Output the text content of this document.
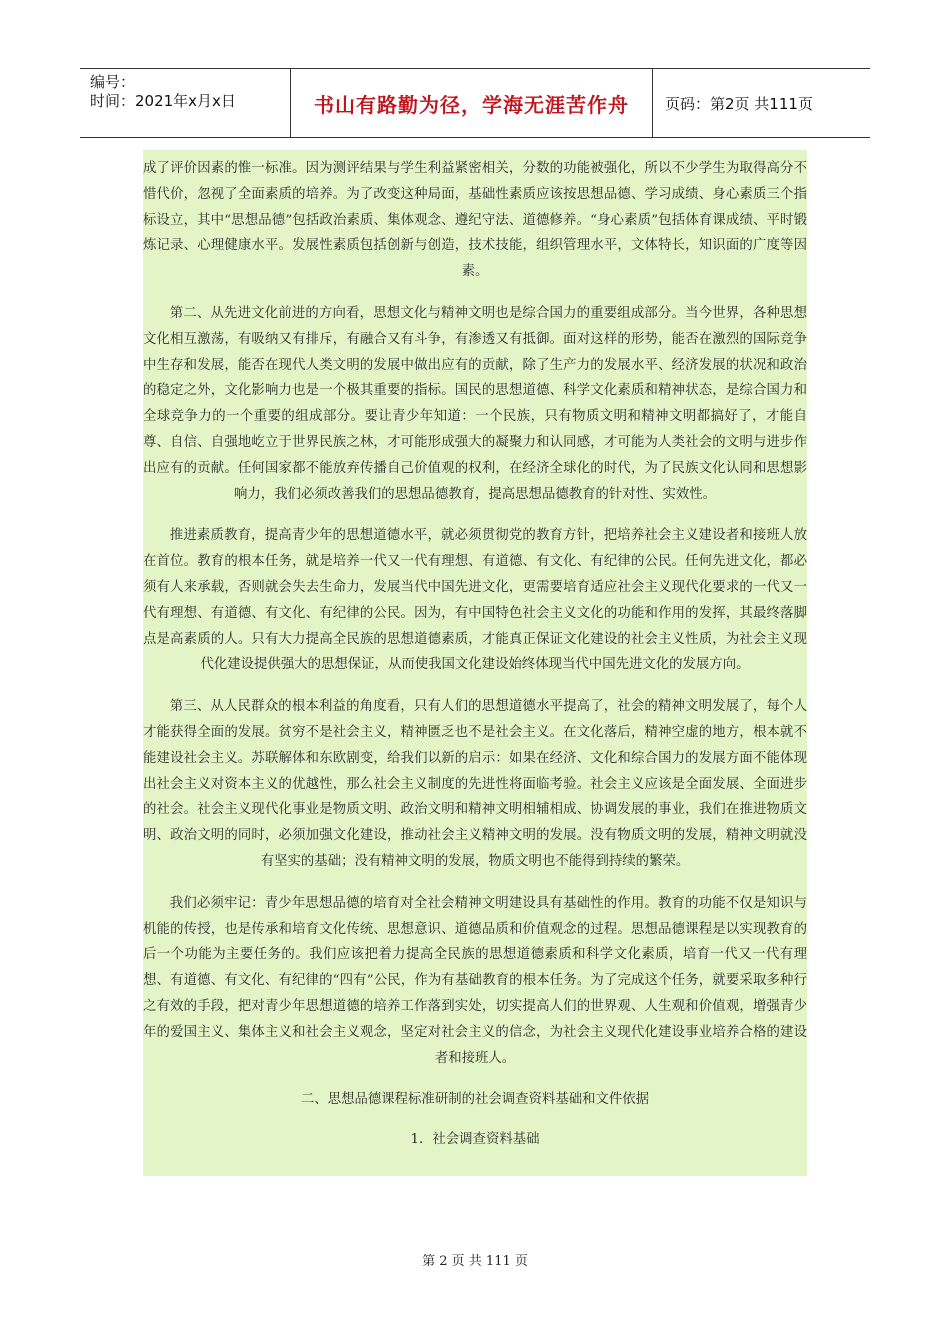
编号：
时间：2021年x月x日	书山有路勤为径，学海无涯苦作舟 页码：第2页 共111页

成了评价因素的惟一标准。因为测评结果与学生利益紧密相关，分数的功能被强化，所以不少学生为取得高分不惜代价，忽视了全面素质的培养。为了改变这种局面，基础性素质应该按思想品德、学习成绩、身心素质三个指标设立，其中“思想品德”包括政治素质、集体观念、遵纪守法、道德修养。“身心素质”包括体育课成绩、平时锻炼记录、心理健康水平。发展性素质包括创新与创造，技术技能，组织管理水平，文体特长，知识面的广度等因素。

第二、从先进文化前进的方向看，思想文化与精神文明也是综合国力的重要组成部分。当今世界，各种思想文化相互激荡，有吸纳又有排斥，有融合又有斗争，有渗透又有抵御。面对这样的形势，能否在激烈的国际竞争中生存和发展，能否在现代人类文明的发展中做出应有的贡献，除了生产力的发展水平、经济发展的状况和政治的稳定之外，文化影响力也是一个极其重要的指标。国民的思想道德、科学文化素质和精神状态，是综合国力和全球竞争力的一个重要的组成部分。要让青少年知道：一个民族，只有物质文明和精神文明都搞好了，才能自尊、自信、自强地屹立于世界民族之林，才可能形成强大的凝聚力和认同感，才可能为人类社会的文明与进步作出应有的贡献。任何国家都不能放弃传播自己价值观的权利，在经济全球化的时代，为了民族文化认同和思想影响力，我们必须改善我们的思想品德教育，提高思想品德教育的针对性、实效性。

推进素质教育，提高青少年的思想道德水平，就必须贯彻党的教育方针，把培养社会主义建设者和接班人放在首位。教育的根本任务，就是培养一代又一代有理想、有道德、有文化、有纪律的公民。任何先进文化，都必须有人来承载，否则就会失去生命力，发展当代中国先进文化，更需要培育适应社会主义现代化要求的一代又一代有理想、有道德、有文化、有纪律的公民。因为，有中国特色社会主义文化的功能和作用的发挥，其最终落脚点是高素质的人。只有大力提高全民族的思想道德素质，才能真正保证文化建设的社会主义性质，为社会主义现代化建设提供强大的思想保证，从而使我国文化建设始终体现当代中国先进文化的发展方向。

第三、从人民群众的根本利益的角度看，只有人们的思想道德水平提高了，社会的精神文明发展了，每个人才能获得全面的发展。贫穷不是社会主义，精神匮乏也不是社会主义。在文化落后，精神空虚的地方，根本就不能建设社会主义。苏联解体和东欧剧变，给我们以新的启示：如果在经济、文化和综合国力的发展方面不能体现出社会主义对资本主义的优越性，那么社会主义制度的先进性将面临考验。社会主义应该是全面发展、全面进步的社会。社会主义现代化事业是物质文明、政治文明和精神文明相辅相成、协调发展的事业，我们在推进物质文明、政治文明的同时，必须加强文化建设，推动社会主义精神文明的发展。没有物质文明的发展，精神文明就没有坚实的基础；没有精神文明的发展，物质文明也不能得到持续的繁荣。

我们必须牢记：青少年思想品德的培育对全社会精神文明建设具有基础性的作用。教育的功能不仅是知识与机能的传授，也是传承和培育文化传统、思想意识、道德品质和价值观念的过程。思想品德课程是以实现教育的后一个功能为主要任务的。我们应该把着力提高全民族的思想道德素质和科学文化素质，培育一代又一代有理想、有道德、有文化、有纪律的“四有”公民，作为有基础教育的根本任务。为了完成这个任务，就要采取多种行之有效的手段，把对青少年思想道德的培养工作落到实处，切实提高人们的世界观、人生观和价值观，增强青少年的爱国主义、集体主义和社会主义观念，坚定对社会主义的信念，为社会主义现代化建设事业培养合格的建设者和接班人。

二、思想品德课程标准研制的社会调查资料基础和文件依据
1．社会调查资料基础
第 2 页 共 111 页
